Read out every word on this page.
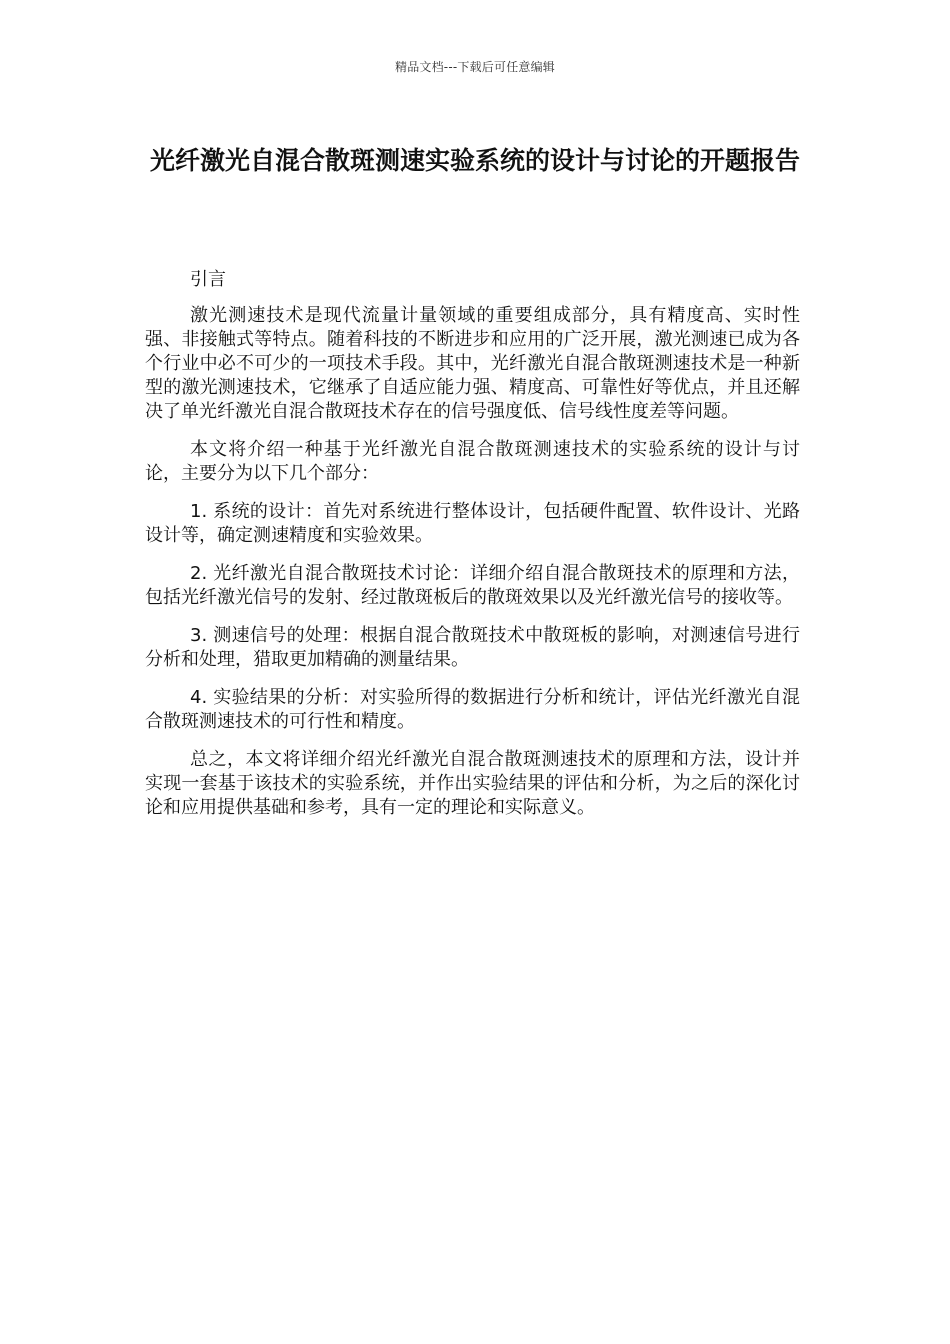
精品文档---下载后可任意编辑
光纤激光自混合散斑测速实验系统的设计与讨论的开题报告

引言

激光测速技术是现代流量计量领域的重要组成部分，具有精度高、实时性强、非接触式等特点。随着科技的不断进步和应用的广泛开展，激光测速已成为各个行业中必不可少的一项技术手段。其中，光纤激光自混合散斑测速技术是一种新型的激光测速技术，它继承了自适应能力强、精度高、可靠性好等优点，并且还解决了单光纤激光自混合散斑技术存在的信号强度低、信号线性度差等问题。

本文将介绍一种基于光纤激光自混合散斑测速技术的实验系统的设计与讨论，主要分为以下几个部分：

1. 系统的设计：首先对系统进行整体设计，包括硬件配置、软件设计、光路设计等，确定测速精度和实验效果。

2. 光纤激光自混合散斑技术讨论：详细介绍自混合散斑技术的原理和方法，包括光纤激光信号的发射、经过散斑板后的散斑效果以及光纤激光信号的接收等。

3. 测速信号的处理：根据自混合散斑技术中散斑板的影响，对测速信号进行分析和处理，猎取更加精确的测量结果。

4. 实验结果的分析：对实验所得的数据进行分析和统计，评估光纤激光自混合散斑测速技术的可行性和精度。

总之，本文将详细介绍光纤激光自混合散斑测速技术的原理和方法，设计并实现一套基于该技术的实验系统，并作出实验结果的评估和分析，为之后的深化讨论和应用提供基础和参考，具有一定的理论和实际意义。
